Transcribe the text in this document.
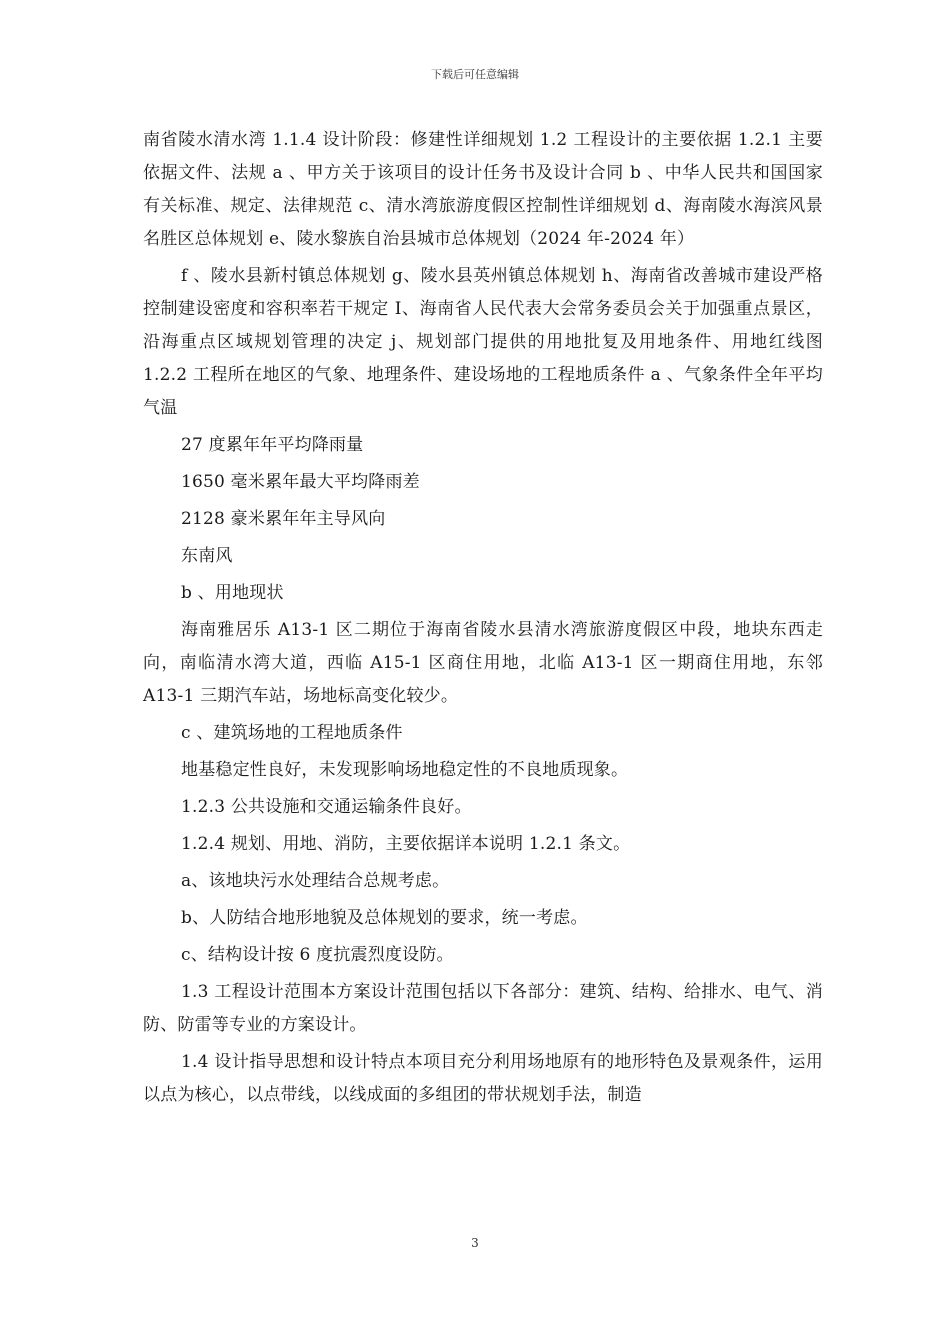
下载后可任意编辑

南省陵水清水湾 1.1.4 设计阶段：修建性详细规划 1.2 工程设计的主要依据 1.2.1 主要依据文件、法规 a 、甲方关于该项目的设计任务书及设计合同 b 、中华人民共和国国家有关标准、规定、法律规范 c、清水湾旅游度假区控制性详细规划 d、海南陵水海滨风景名胜区总体规划 e、陵水黎族自治县城市总体规划（2024 年-2024 年）

f 、陵水县新村镇总体规划 g、陵水县英州镇总体规划 h、海南省改善城市建设严格控制建设密度和容积率若干规定 I、海南省人民代表大会常务委员会关于加强重点景区，沿海重点区域规划管理的决定 j、规划部门提供的用地批复及用地条件、用地红线图 1.2.2 工程所在地区的气象、地理条件、建设场地的工程地质条件 a 、气象条件全年平均气温

27 度累年年平均降雨量

1650 毫米累年最大平均降雨差

2128 豪米累年年主导风向

东南风

b 、用地现状

海南雅居乐 A13-1 区二期位于海南省陵水县清水湾旅游度假区中段，地块东西走向，南临清水湾大道，西临 A15-1 区商住用地，北临 A13-1 区一期商住用地，东邻 A13-1 三期汽车站，场地标高变化较少。

c 、建筑场地的工程地质条件

地基稳定性良好，未发现影响场地稳定性的不良地质现象。

1.2.3 公共设施和交通运输条件良好。

1.2.4 规划、用地、消防，主要依据详本说明 1.2.1 条文。

a、该地块污水处理结合总规考虑。

b、人防结合地形地貌及总体规划的要求，统一考虑。

c、结构设计按 6 度抗震烈度设防。

1.3 工程设计范围本方案设计范围包括以下各部分：建筑、结构、给排水、电气、消防、防雷等专业的方案设计。

1.4 设计指导思想和设计特点本项目充分利用场地原有的地形特色及景观条件，运用以点为核心，以点带线，以线成面的多组团的带状规划手法，制造

3
